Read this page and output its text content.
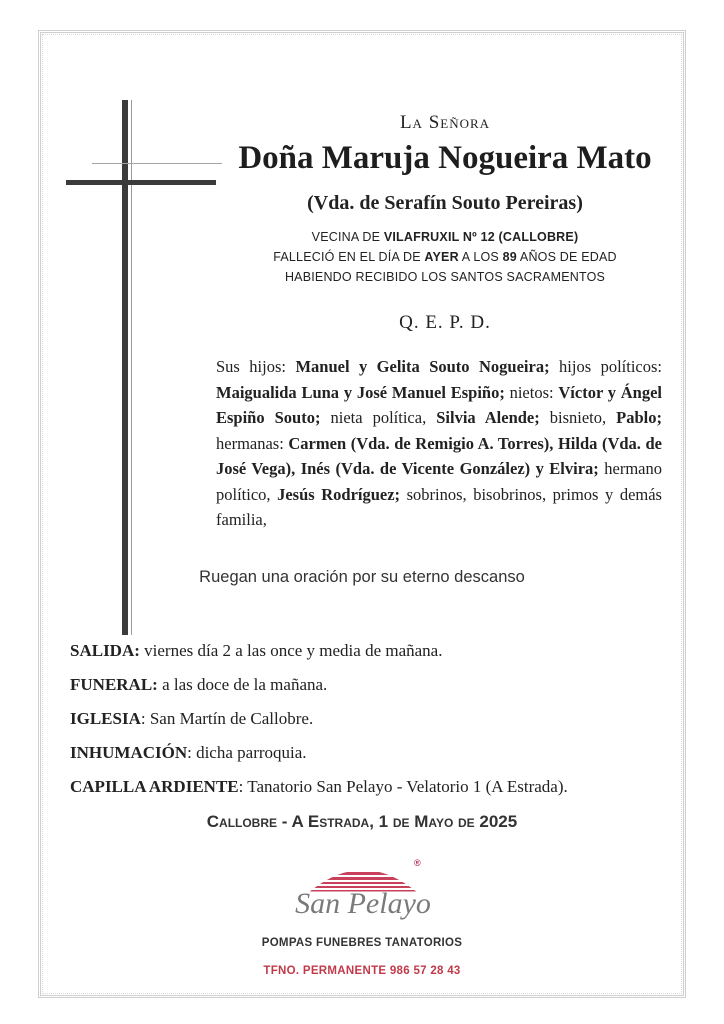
La Señora
Doña Maruja Nogueira Mato
(Vda. de Serafín Souto Pereiras)
VECINA DE VILAFRUXIL Nº 12 (CALLOBRE)
FALLECIÓ EN EL DÍA DE AYER A LOS 89 AÑOS DE EDAD
HABIENDO RECIBIDO LOS SANTOS SACRAMENTOS
Q. E. P. D.
Sus hijos: Manuel y Gelita Souto Nogueira; hijos políticos: Maigualida Luna y José Manuel Espiño; nietos: Víctor y Ángel Espiño Souto; nieta política, Silvia Alende; bisnieto, Pablo; hermanas: Carmen (Vda. de Remigio A. Torres), Hilda (Vda. de José Vega), Inés (Vda. de Vicente González) y Elvira; hermano político, Jesús Rodríguez; sobrinos, bisobrinos, primos y demás familia,
Ruegan una oración por su eterno descanso
SALIDA: viernes día 2 a las once y media de mañana.
FUNERAL: a las doce de la mañana.
IGLESIA: San Martín de Callobre.
INHUMACIÓN: dicha parroquia.
CAPILLA ARDIENTE: Tanatorio San Pelayo - Velatorio 1 (A Estrada).
Callobre - A Estrada, 1 de Mayo de 2025
San Pelayo
®
POMPAS FUNEBRES TANATORIOS
TFNO. PERMANENTE 986 57 28 43
